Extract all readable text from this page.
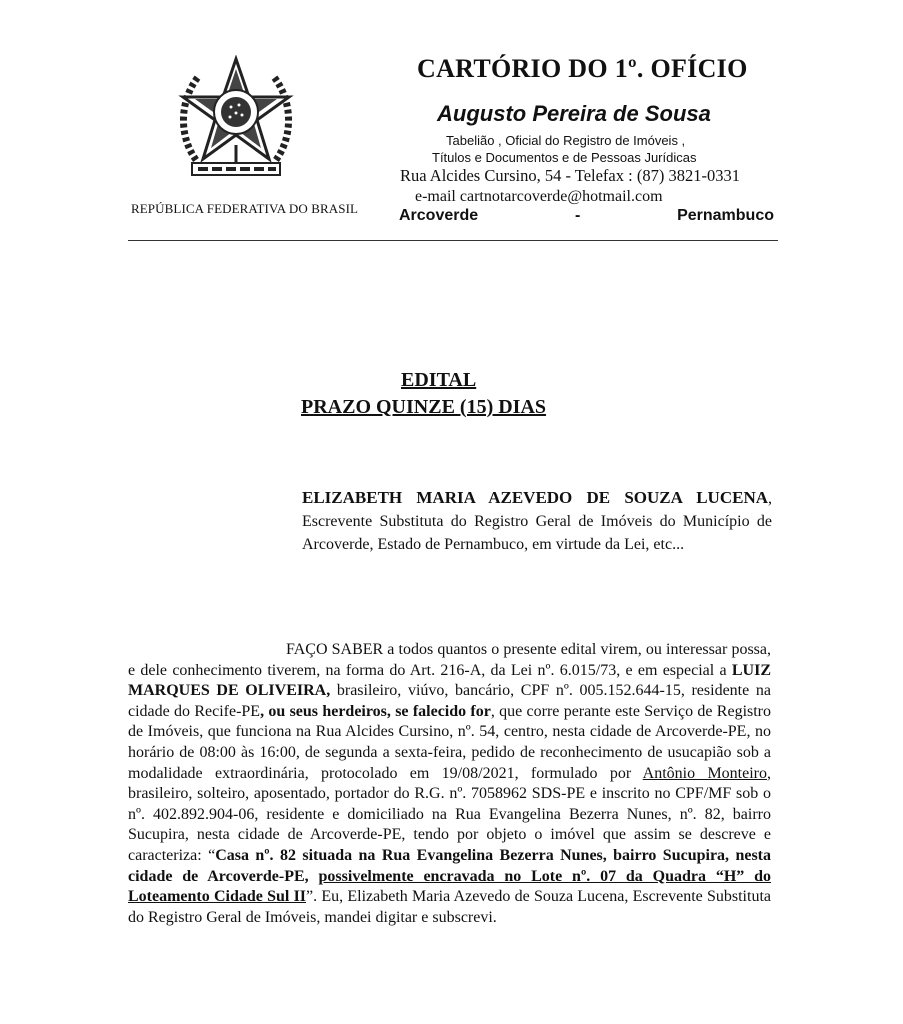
REPÚBLICA FEDERATIVA DO BRASIL
CARTÓRIO DO 1º. OFÍCIO
Augusto Pereira de Sousa
Tabelião , Oficial do Registro de Imóveis ,
Títulos e Documentos e de Pessoas Jurídicas
Rua Alcides Cursino, 54 - Telefax : (87) 3821-0331
e-mail cartnotarcoverde@hotmail.com
Arcoverde	-	Pernambuco
EDITAL
PRAZO QUINZE (15) DIAS
ELIZABETH MARIA AZEVEDO DE SOUZA LUCENA, Escrevente Substituta do Registro Geral de Imóveis do Município de Arcoverde, Estado de Pernambuco, em virtude da Lei, etc...
FAÇO SABER a todos quantos o presente edital virem, ou interessar possa, e dele conhecimento tiverem, na forma do Art. 216-A, da Lei nº. 6.015/73, e em especial a LUIZ MARQUES DE OLIVEIRA, brasileiro, viúvo, bancário, CPF nº. 005.152.644-15, residente na cidade do Recife-PE, ou seus herdeiros, se falecido for, que corre perante este Serviço de Registro de Imóveis, que funciona na Rua Alcides Cursino, nº. 54, centro, nesta cidade de Arcoverde-PE, no horário de 08:00 às 16:00, de segunda a sexta-feira, pedido de reconhecimento de usucapião sob a modalidade extraordinária, protocolado em 19/08/2021, formulado por Antônio Monteiro, brasileiro, solteiro, aposentado, portador do R.G. nº. 7058962 SDS-PE e inscrito no CPF/MF sob o nº. 402.892.904-06, residente e domiciliado na Rua Evangelina Bezerra Nunes, nº. 82, bairro Sucupira, nesta cidade de Arcoverde-PE, tendo por objeto o imóvel que assim se descreve e caracteriza: “Casa nº. 82 situada na Rua Evangelina Bezerra Nunes, bairro Sucupira, nesta cidade de Arcoverde-PE, possivelmente encravada no Lote nº. 07 da Quadra “H” do Loteamento Cidade Sul II”. Eu, Elizabeth Maria Azevedo de Souza Lucena, Escrevente Substituta do Registro Geral de Imóveis, mandei digitar e subscrevi.
